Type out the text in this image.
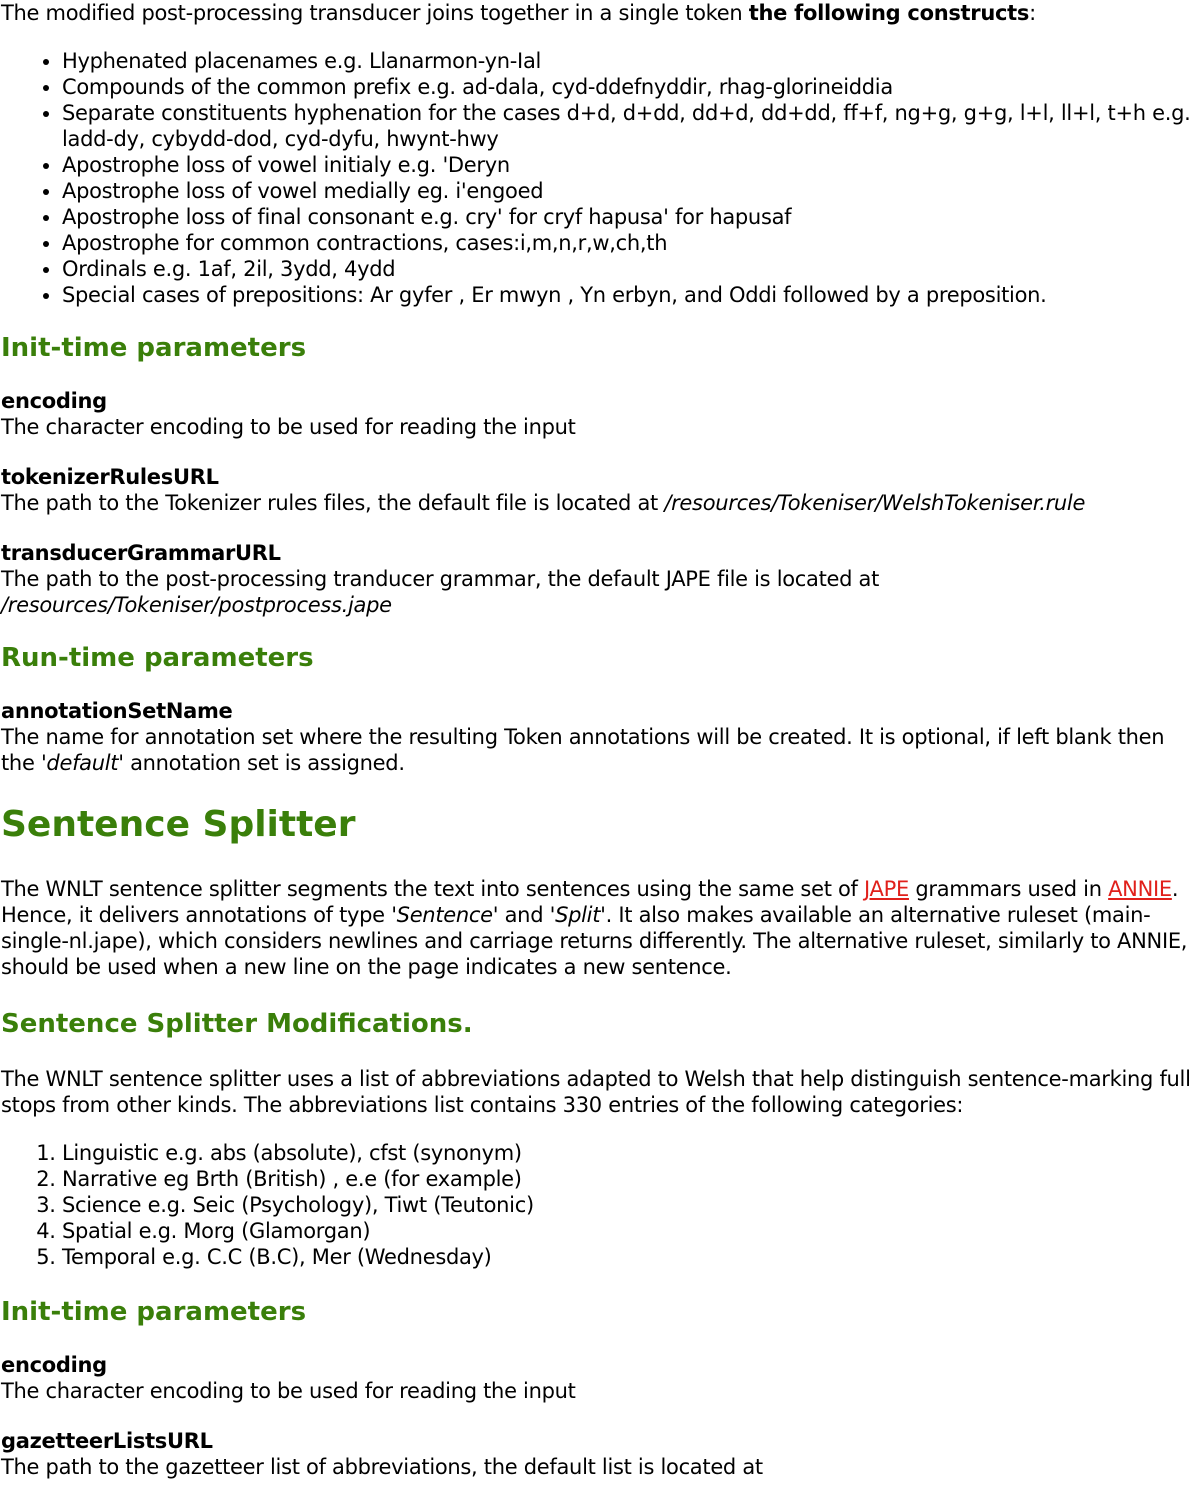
The modified post-processing transducer joins together in a single token the following constructs:

• Hyphenated placenames e.g. Llanarmon-yn-Ial
• Compounds of the common prefix e.g. ad-dala, cyd-ddefnyddir, rhag-glorineiddia
• Separate constituents hyphenation for the cases d+d, d+dd, dd+d, dd+dd, ff+f, ng+g, g+g, l+l, ll+l, t+h e.g. ladd-dy, cybydd-dod, cyd-dyfu, hwynt-hwy
• Apostrophe loss of vowel initialy e.g. 'Deryn
• Apostrophe loss of vowel medially eg. i'engoed
• Apostrophe loss of final consonant e.g. cry' for cryf hapusa' for hapusaf
• Apostrophe for common contractions, cases:i,m,n,r,w,ch,th
• Ordinals e.g. 1af, 2il, 3ydd, 4ydd
• Special cases of prepositions: Ar gyfer , Er mwyn , Yn erbyn, and Oddi followed by a preposition.
Init-time parameters

encoding
The character encoding to be used for reading the input

tokenizerRulesURL
The path to the Tokenizer rules files, the default file is located at /resources/Tokeniser/WelshTokeniser.rule

transducerGrammarURL
The path to the post-processing tranducer grammar, the default JAPE file is located at
/resources/Tokeniser/postprocess.jape

Run-time parameters

annotationSetName
The name for annotation set where the resulting Token annotations will be created. It is optional, if left blank then the 'default' annotation set is assigned.

Sentence Splitter

The WNLT sentence splitter segments the text into sentences using the same set of JAPE grammars used in ANNIE. Hence, it delivers annotations of type 'Sentence' and 'Split'. It also makes available an alternative ruleset (main-single-nl.jape), which considers newlines and carriage returns differently. The alternative ruleset, similarly to ANNIE, should be used when a new line on the page indicates a new sentence.

Sentence Splitter Modifications.

The WNLT sentence splitter uses a list of abbreviations adapted to Welsh that help distinguish sentence-marking full stops from other kinds. The abbreviations list contains 330 entries of the following categories:

1. Linguistic e.g. abs (absolute), cfst (synonym)
2. Narrative eg Brth (British) , e.e (for example)
3. Science e.g. Seic (Psychology), Tiwt (Teutonic)
4. Spatial e.g. Morg (Glamorgan)
5. Temporal e.g. C.C (B.C), Mer (Wednesday)
Init-time parameters

encoding
The character encoding to be used for reading the input

gazetteerListsURL
The path to the gazetteer list of abbreviations, the default list is located at
